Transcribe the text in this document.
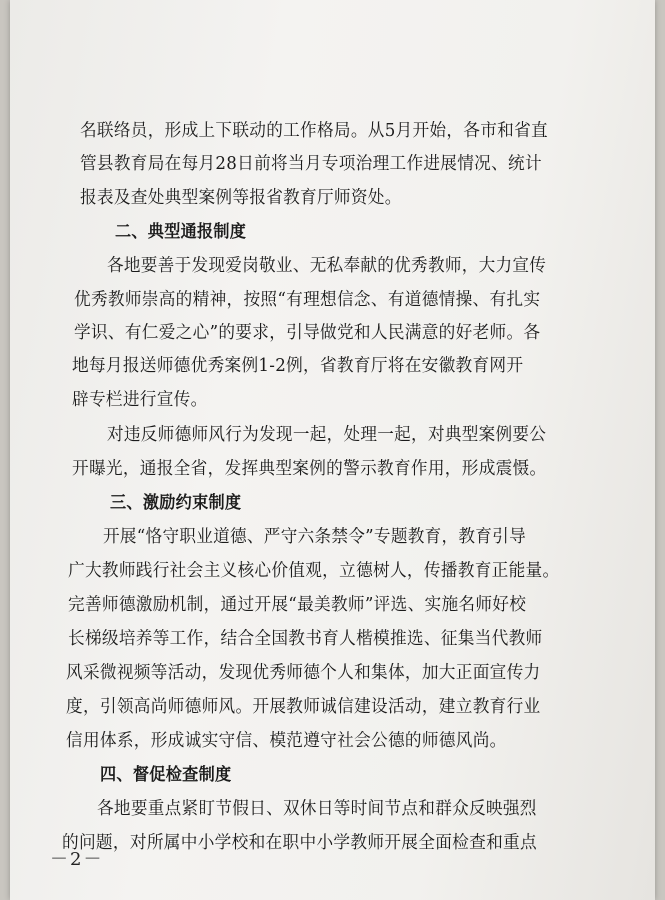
名联络员，形成上下联动的工作格局。从5月开始，各市和省直
管县教育局在每月28日前将当月专项治理工作进展情况、统计
报表及查处典型案例等报省教育厅师资处。
二、典型通报制度
各地要善于发现爱岗敬业、无私奉献的优秀教师，大力宣传
优秀教师崇高的精神，按照“有理想信念、有道德情操、有扎实
学识、有仁爱之心”的要求，引导做党和人民满意的好老师。各
地每月报送师德优秀案例1-2例，省教育厅将在安徽教育网开
辟专栏进行宣传。
对违反师德师风行为发现一起，处理一起，对典型案例要公
开曝光，通报全省，发挥典型案例的警示教育作用，形成震慑。
三、激励约束制度
开展“恪守职业道德、严守六条禁令”专题教育，教育引导
广大教师践行社会主义核心价值观，立德树人，传播教育正能量。
完善师德激励机制，通过开展“最美教师”评选、实施名师好校
长梯级培养等工作，结合全国教书育人楷模推选、征集当代教师
风采微视频等活动，发现优秀师德个人和集体，加大正面宣传力
度，引领高尚师德师风。开展教师诚信建设活动，建立教育行业
信用体系，形成诚实守信、模范遵守社会公德的师德风尚。
四、督促检查制度
各地要重点紧盯节假日、双休日等时间节点和群众反映强烈
的问题，对所属中小学校和在职中小学教师开展全面检查和重点
－2－
